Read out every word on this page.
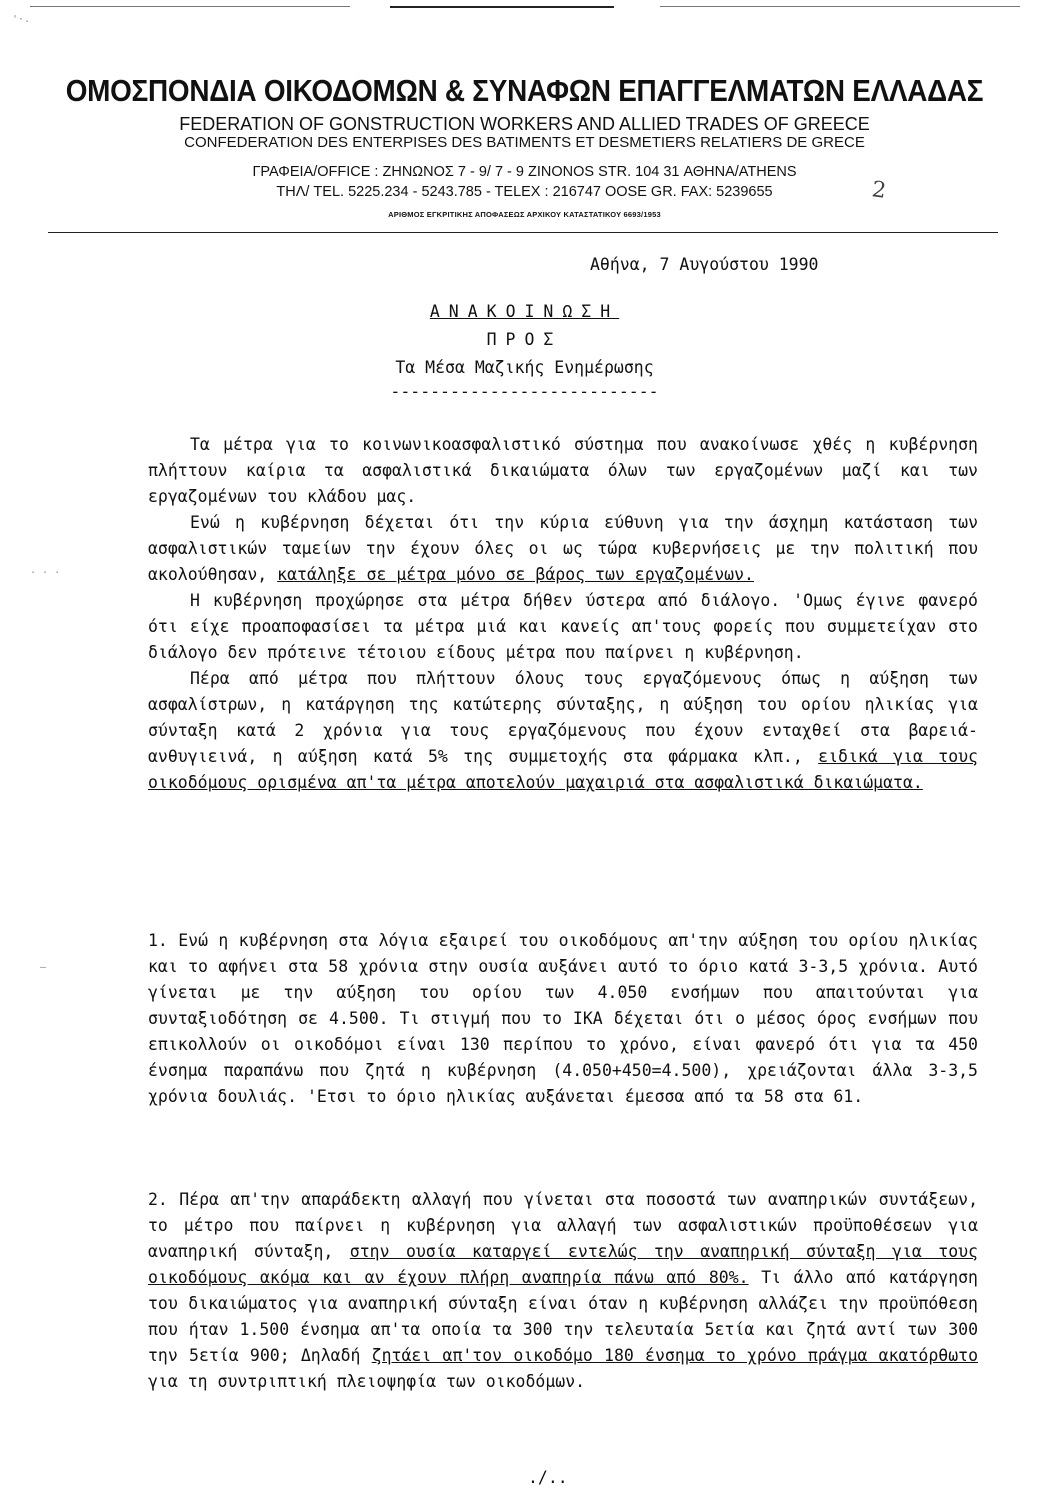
'·.
. . .
–
ΟΜΟΣΠΟΝΔΙΑ ΟΙΚΟΔΟΜΩΝ & ΣΥΝΑΦΩΝ ΕΠΑΓΓΕΛΜΑΤΩΝ ΕΛΛΑΔΑΣ
FEDERATION OF GONSTRUCTION WORKERS AND ALLIED TRADES OF GREECE
CONFEDERATION DES ENTERPISES DES BATIMENTS ET DESMETIERS RELATIERS DE GRECE
ΓΡΑΦΕΙΑ/OFFICE : ΖΗΝΩΝΟΣ 7 - 9/ 7 - 9 ZINONOS STR. 104 31 ΑΘΗΝΑ/ATHENS
ΤΗΛ/ TEL. 5225.234 - 5243.785 - TELEX : 216747 OOSE GR. FAX: 5239655	2
ΑΡΙΘΜΟΣ ΕΓΚΡΙΤΙΚΗΣ ΑΠΟΦΑΣΕΩΣ ΑΡΧΙΚΟΥ ΚΑΤΑΣΤΑΤΙΚΟΥ 6693/1953
Αθήνα, 7 Αυγούστου 1990
ΑΝΑΚΟΙΝΩΣΗ
ΠΡΟΣ
Τα Μέσα Μαζικής Ενημέρωσης
---------------------------

Τα μέτρα για το κοινωνικοασφαλιστικό σύστημα που ανακοίνωσε χθές η κυβέρνηση πλήττουν καίρια τα ασφαλιστικά δικαιώματα όλων των εργαζομένων μαζί και των εργαζομένων του κλάδου μας.

Ενώ η κυβέρνηση δέχεται ότι την κύρια εύθυνη για την άσχημη κατάσταση των ασφαλιστικών ταμείων την έχουν όλες οι ως τώρα κυβερνήσεις με την πολιτική που ακολούθησαν, κατάληξε σε μέτρα μόνο σε βάρος των εργαζομένων.

Η κυβέρνηση προχώρησε στα μέτρα δήθεν ύστερα από διάλογο. 'Ομως έγινε φανερό ότι είχε προαποφασίσει τα μέτρα μιά και κανείς απ'τους φορείς που συμμετείχαν στο διάλογο δεν πρότεινε τέτοιου είδους μέτρα που παίρνει η κυβέρνηση.

Πέρα από μέτρα που πλήττουν όλους τους εργαζόμενους όπως η αύξηση των ασφαλίστρων, η κατάργηση της κατώτερης σύνταξης, η αύξηση του ορίου ηλικίας για σύνταξη κατά 2 χρόνια για τους εργαζόμενους που έχουν ενταχθεί στα βαρειά-ανθυγιεινά, η αύξηση κατά 5% της συμμετοχής στα φάρμακα κλπ., ειδικά για τους οικοδόμους ορισμένα απ'τα μέτρα αποτελούν μαχαιριά στα ασφαλιστικά δικαιώματα.

1. Ενώ η κυβέρνηση στα λόγια εξαιρεί του οικοδόμους απ'την αύξηση του ορίου ηλικίας και το αφήνει στα 58 χρόνια στην ουσία αυξάνει αυτό το όριο κατά 3-3,5 χρόνια. Αυτό γίνεται με την αύξηση του ορίου των 4.050 ενσήμων που απαιτούνται για συνταξιοδότηση σε 4.500. Τι στιγμή που το ΙΚΑ δέχεται ότι ο μέσος όρος ενσήμων που επικολλούν οι οικοδόμοι είναι 130 περίπου το χρόνο, είναι φανερό ότι για τα 450 ένσημα παραπάνω που ζητά η κυβέρνηση (4.050+450=4.500), χρειάζονται άλλα 3-3,5 χρόνια δουλιάς. 'Ετσι το όριο ηλικίας αυξάνεται έμεσσα από τα 58 στα 61.

2. Πέρα απ'την απαράδεκτη αλλαγή που γίνεται στα ποσοστά των αναπηρικών συντάξεων, το μέτρο που παίρνει η κυβέρνηση για αλλαγή των ασφαλιστικών προϋποθέσεων για αναπηρική σύνταξη, στην ουσία καταργεί εντελώς την αναπηρική σύνταξη για τους οικοδόμους ακόμα και αν έχουν πλήρη αναπηρία πάνω από 80%. Τι άλλο από κατάργηση του δικαιώματος για αναπηρική σύνταξη είναι όταν η κυβέρνηση αλλάζει την προϋπόθεση που ήταν 1.500 ένσημα απ'τα οποία τα 300 την τελευταία 5ετία και ζητά αντί των 300 την 5ετία 900; Δηλαδή ζητάει απ'τον οικοδόμο 180 ένσημα το χρόνο πράγμα ακατόρθωτο για τη συντριπτική πλειοψηφία των οικοδόμων.

./..
